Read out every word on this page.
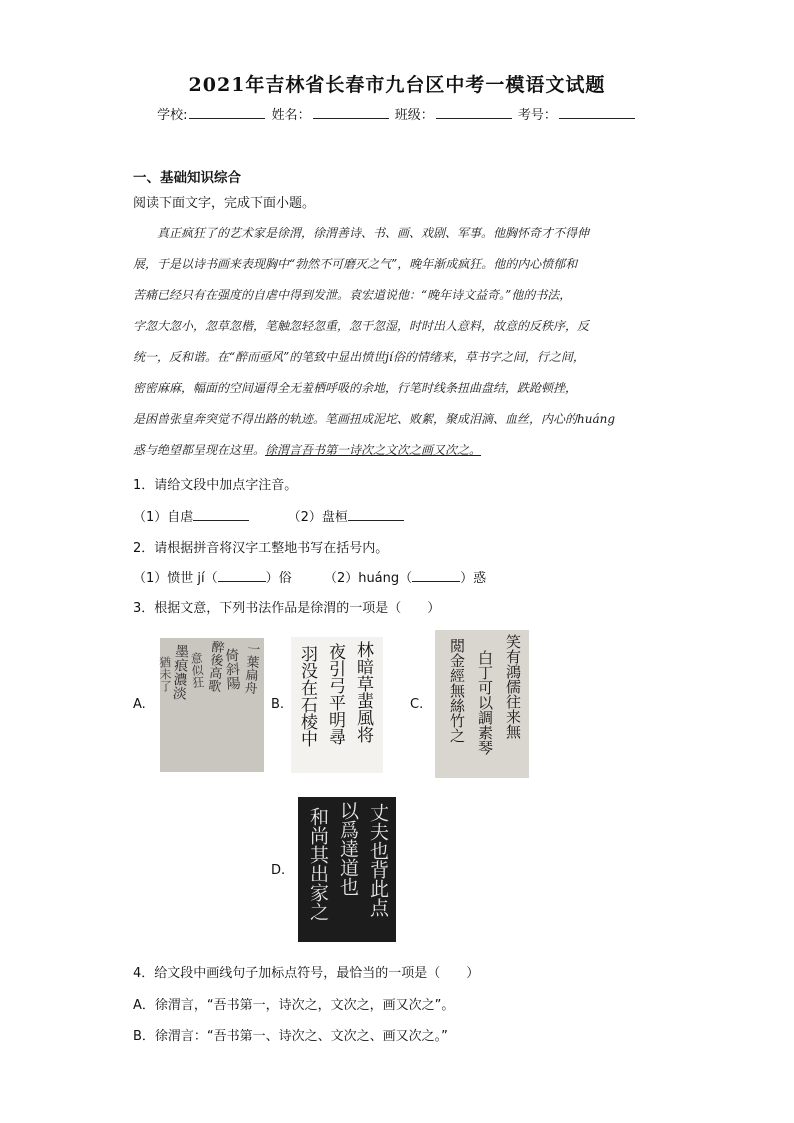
2021年吉林省长春市九台区中考一模语文试题
学校:	姓名：	班级：	考号：
一、基础知识综合
阅读下面文字，完成下面小题。
真正疯狂了的艺术家是徐渭，徐渭善诗、书、画、戏剧、军事。他胸怀奇才不得伸
展，于是以诗书画来表现胸中“勃然不可磨灭之气”，晚年渐成疯狂。他的内心愤郁和
苦痛已经只有在强度的自虐中得到发泄。袁宏道说他：“晚年诗文益奇。”他的书法，
字忽大忽小，忽草忽楷，笔触忽轻忽重，忽干忽湿，时时出人意料，故意的反秩序，反
统一，反和谐。在“醉而亟风”的笔致中显出愤世jí俗的情绪来，草书字之间，行之间，
密密麻麻，幅面的空间逼得全无羞栖呼吸的余地，行笔时线条扭曲盘结，跌跄顿挫，
是困兽张皇奔突觉不得出路的轨迹。笔画扭成泥坨、败絮，聚成泪滴、血丝，内心的huáng
惑与绝望都呈现在这里。徐渭言吾书第一诗次之文次之画又次之。
1．请给文段中加点字注音。
（1）自虐	（2）盘桓
2．请根据拼音将汉字工整地书写在括号内。
（1）愤世 jí（	）俗 （2）huáng（	）惑
3．根据文意，下列书法作品是徐渭的一项是（　　）
A.
一葉扁舟
倚斜陽
醉後高歌
意似狂
墨痕濃淡
猶未了
B.	林暗草蜚風将
夜引弓平明尋
羽没在石棱中	C.	笑有鴻儒往来無
白丁可以調素琴
閲金經無絲竹之
D.	丈夫也背此点
以爲達道也
和尚其出家之
4．给文段中画线句子加标点符号，最恰当的一项是（　　）
A．徐渭言，“吾书第一，诗次之，文次之，画又次之”。
B．徐渭言：“吾书第一、诗次之、文次之、画又次之。”
